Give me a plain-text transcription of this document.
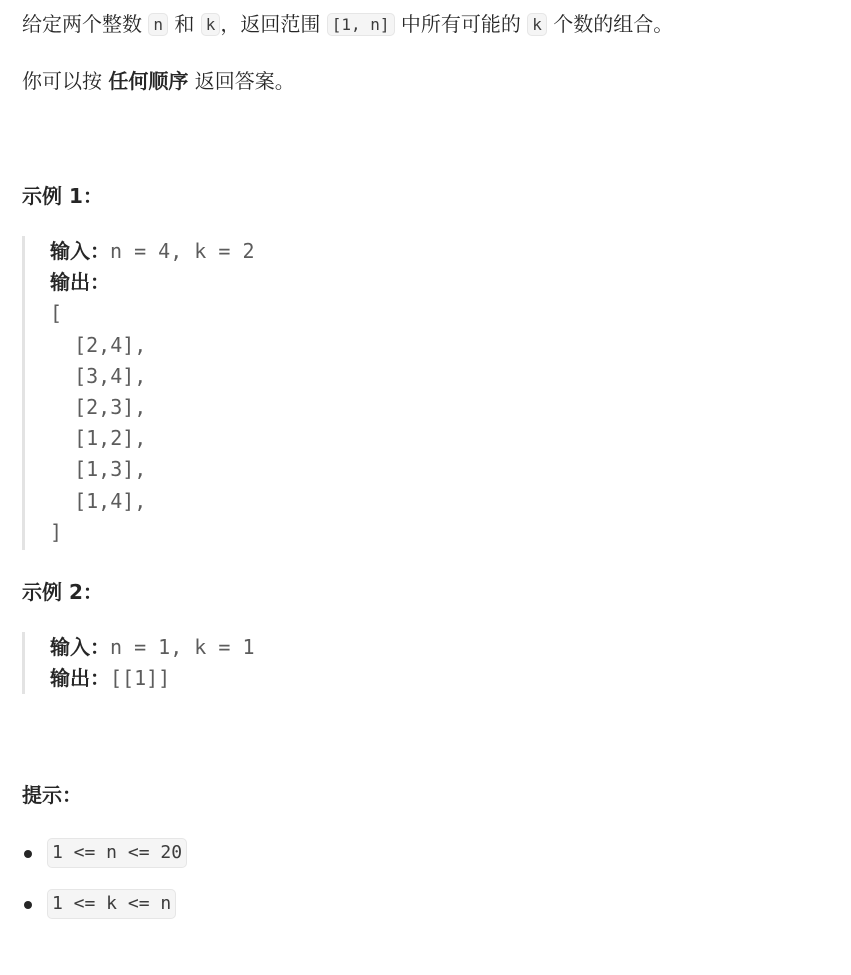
给定两个整数 n 和 k ，返回范围 [1, n] 中所有可能的 k 个数的组合。

你可以按 任何顺序 返回答案。

示例 1：

输入：n = 4, k = 2
输出：
[
[2,4],
[3,4],
[2,3],
[1,2],
[1,3],
[1,4],
]

示例 2：

输入：n = 1, k = 1
输出：[[1]]

提示：

1 <= n <= 20
1 <= k <= n
